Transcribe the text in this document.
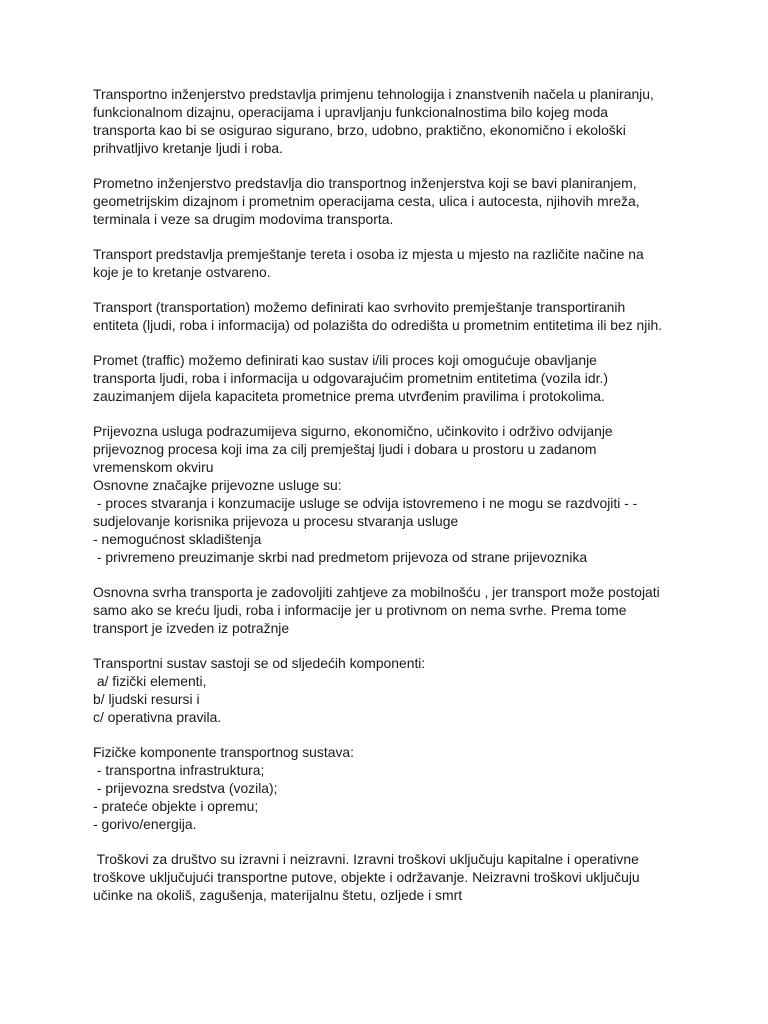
Transportno inženjerstvo predstavlja primjenu tehnologija i znanstvenih načela u planiranju,
funkcionalnom dizajnu, operacijama i upravljanju funkcionalnostima bilo kojeg moda
transporta kao bi se osigurao sigurano, brzo, udobno, praktično, ekonomično i ekološki
prihvatljivo kretanje ljudi i roba.
Prometno inženjerstvo predstavlja dio transportnog inženjerstva koji se bavi planiranjem,
geometrijskim dizajnom i prometnim operacijama cesta, ulica i autocesta, njihovih mreža,
terminala i veze sa drugim modovima transporta.
Transport predstavlja premještanje tereta i osoba iz mjesta u mjesto na različite načine na
koje je to kretanje ostvareno.
Transport (transportation) možemo definirati kao svrhovito premještanje transportiranih
entiteta (ljudi, roba i informacija) od polazišta do odredišta u prometnim entitetima ili bez njih.
Promet (traffic) možemo definirati kao sustav i/ili proces koji omogućuje obavljanje
transporta ljudi, roba i informacija u odgovarajućim prometnim entitetima (vozila idr.)
zauzimanjem dijela kapaciteta prometnice prema utvrđenim pravilima i protokolima.
Prijevozna usluga podrazumijeva sigurno, ekonomično, učinkovito i održivo odvijanje
prijevoznog procesa koji ima za cilj premještaj ljudi i dobara u prostoru u zadanom
vremenskom okviru
Osnovne značajke prijevozne usluge su:
- proces stvaranja i konzumacije usluge se odvija istovremeno i ne mogu se razdvojiti - -
sudjelovanje korisnika prijevoza u procesu stvaranja usluge
- nemogućnost skladištenja
- privremeno preuzimanje skrbi nad predmetom prijevoza od strane prijevoznika
Osnovna svrha transporta je zadovoljiti zahtjeve za mobilnošću , jer transport može postojati
samo ako se kreću ljudi, roba i informacije jer u protivnom on nema svrhe. Prema tome
transport je izveden iz potražnje
Transportni sustav sastoji se od sljedećih komponenti:
a/ fizički elementi,
b/ ljudski resursi i
c/ operativna pravila.
Fizičke komponente transportnog sustava:
- transportna infrastruktura;
- prijevozna sredstva (vozila);
- prateće objekte i opremu;
- gorivo/energija.
Troškovi za društvo su izravni i neizravni. Izravni troškovi uključuju kapitalne i operativne
troškove uključujući transportne putove, objekte i održavanje. Neizravni troškovi uključuju
učinke na okoliš, zagušenja, materijalnu štetu, ozljede i smrt
